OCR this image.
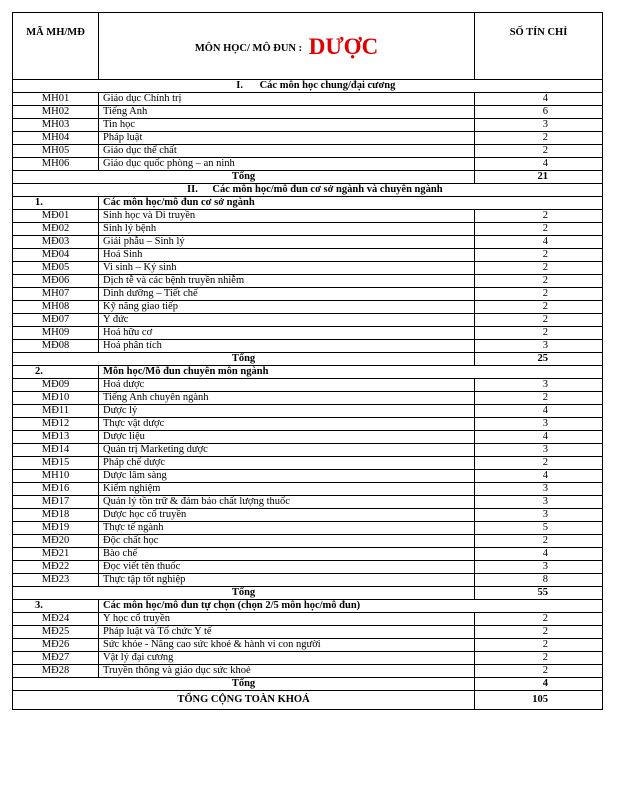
MÃ MH/MĐ	MÔN HỌC/ MÔ ĐUN : DƯỢC	SỐ TÍN CHỈ
I. Các môn học chung/đại cương		
MH01	Giáo dục Chính trị	4
MH02	Tiếng Anh	6
MH03	Tin học	3
MH04	Pháp luật	2
MH05	Giáo dục thể chất	2
MH06	Giáo dục quốc phòng – an ninh	4
Tổng		21
II. Các môn học/mô đun cơ sở ngành và chuyên ngành		
1.	Các môn học/mô đun cơ sở ngành	
MĐ01	Sinh học và Di truyền	2
MĐ02	Sinh lý bệnh	2
MĐ03	Giải phẫu – Sinh lý	4
MĐ04	Hoá Sinh	2
MĐ05	Vi sinh – Ký sinh	2
MĐ06	Dịch tễ và các bệnh truyền nhiễm	2
MH07	Dinh dưỡng – Tiết chế	2
MH08	Kỹ năng giao tiếp	2
MĐ07	Y đức	2
MH09	Hoá hữu cơ	2
MĐ08	Hoá phân tích	3
Tổng		25
2.	Môn học/Mô đun chuyên môn ngành	
MĐ09	Hoá dược	3
MĐ10	Tiếng Anh chuyên ngành	2
MĐ11	Dược lý	4
MĐ12	Thực vật dược	3
MĐ13	Dược liệu	4
MĐ14	Quản trị Marketing dược	3
MĐ15	Pháp chế dược	2
MH10	Dược lâm sàng	4
MĐ16	Kiểm nghiệm	3
MĐ17	Quản lý tồn trữ & đảm bảo chất lượng thuốc	3
MĐ18	Dược học cổ truyền	3
MĐ19	Thực tế ngành	5
MĐ20	Độc chất học	2
MĐ21	Bào chế	4
MĐ22	Đọc viết tên thuốc	3
MĐ23	Thực tập tốt nghiệp	8
Tổng		55
3.	Các môn học/mô đun tự chọn (chọn 2/5 môn học/mô đun)	
MĐ24	Y học cổ truyền	2
MĐ25	Pháp luật và Tổ chức Y tế	2
MĐ26	Sức khỏe - Nâng cao sức khoẻ & hành vi con người	2
MĐ27	Vật lý đại cương	2
MĐ28	Truyền thông và giáo dục sức khoẻ	2
Tổng		4
TỔNG CỘNG TOÀN KHOÁ		105
